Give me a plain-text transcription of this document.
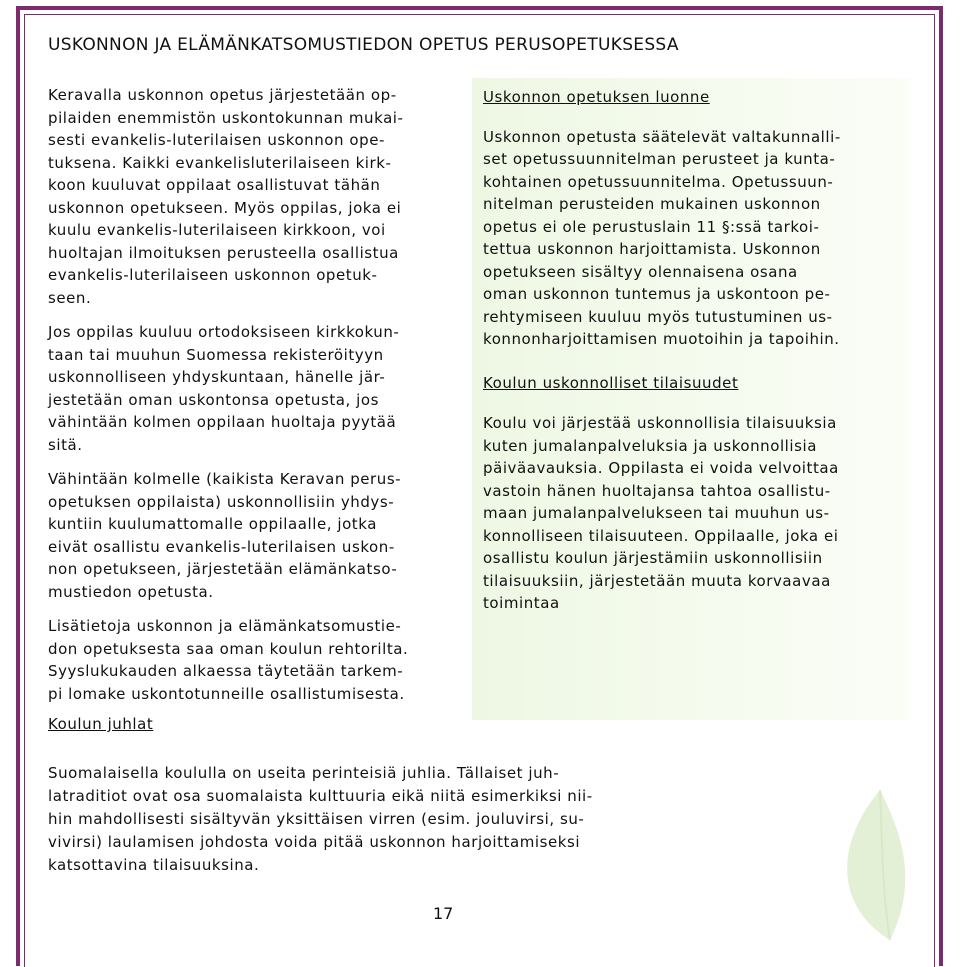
USKONNON JA ELÄMÄNKATSOMUSTIEDON OPETUS PERUSOPETUKSESSA

Keravalla uskonnon opetus järjestetään op-
pilaiden enemmistön uskontokunnan mukai-
sesti evankelis-luterilaisen uskonnon ope-
tuksena. Kaikki evankelisluterilaiseen kirk-
koon kuuluvat oppilaat osallistuvat tähän
uskonnon opetukseen. Myös oppilas, joka ei
kuulu evankelis-luterilaiseen kirkkoon, voi
huoltajan ilmoituksen perusteella osallistua
evankelis-luterilaiseen uskonnon opetuk-
seen.

Jos oppilas kuuluu ortodoksiseen kirkkokun-
taan tai muuhun Suomessa rekisteröityyn
uskonnolliseen yhdyskuntaan, hänelle jär-
jestetään oman uskontonsa opetusta, jos
vähintään kolmen oppilaan huoltaja pyytää
sitä.

Vähintään kolmelle (kaikista Keravan perus-
opetuksen oppilaista) uskonnollisiin yhdys-
kuntiin kuulumattomalle oppilaalle, jotka
eivät osallistu evankelis-luterilaisen uskon-
non opetukseen, järjestetään elämänkatso-
mustiedon opetusta.

Lisätietoja uskonnon ja elämänkatsomustie-
don opetuksesta saa oman koulun rehtorilta.
Syyslukukauden alkaessa täytetään tarkem-
pi lomake uskontotunneille osallistumisesta.

Uskonnon opetuksen luonne

Uskonnon opetusta säätelevät valtakunnalli-
set opetussuunnitelman perusteet ja kunta-
kohtainen opetussuunnitelma. Opetussuun-
nitelman perusteiden mukainen uskonnon
opetus ei ole perustuslain 11 §:ssä tarkoi-
tettua uskonnon harjoittamista. Uskonnon
opetukseen sisältyy olennaisena osana
oman uskonnon tuntemus ja uskontoon pe-
rehtymiseen kuuluu myös tutustuminen us-
konnonharjoittamisen muotoihin ja tapoihin.

Koulun uskonnolliset tilaisuudet

Koulu voi järjestää uskonnollisia tilaisuuksia
kuten jumalanpalveluksia ja uskonnollisia
päiväavauksia. Oppilasta ei voida velvoittaa
vastoin hänen huoltajansa tahtoa osallistu-
maan jumalanpalvelukseen tai muuhun us-
konnolliseen tilaisuuteen. Oppilaalle, joka ei
osallistu koulun järjestämiin uskonnollisiin
tilaisuuksiin, järjestetään muuta korvaavaa
toimintaa

Koulun juhlat

Suomalaisella koululla on useita perinteisiä juhlia. Tällaiset juh-
latraditiot ovat osa suomalaista kulttuuria eikä niitä esimerkiksi nii-
hin mahdollisesti sisältyvän yksittäisen virren (esim. jouluvirsi, su-
vivirsi) laulamisen johdosta voida pitää uskonnon harjoittamiseksi
katsottavina tilaisuuksina.

17
